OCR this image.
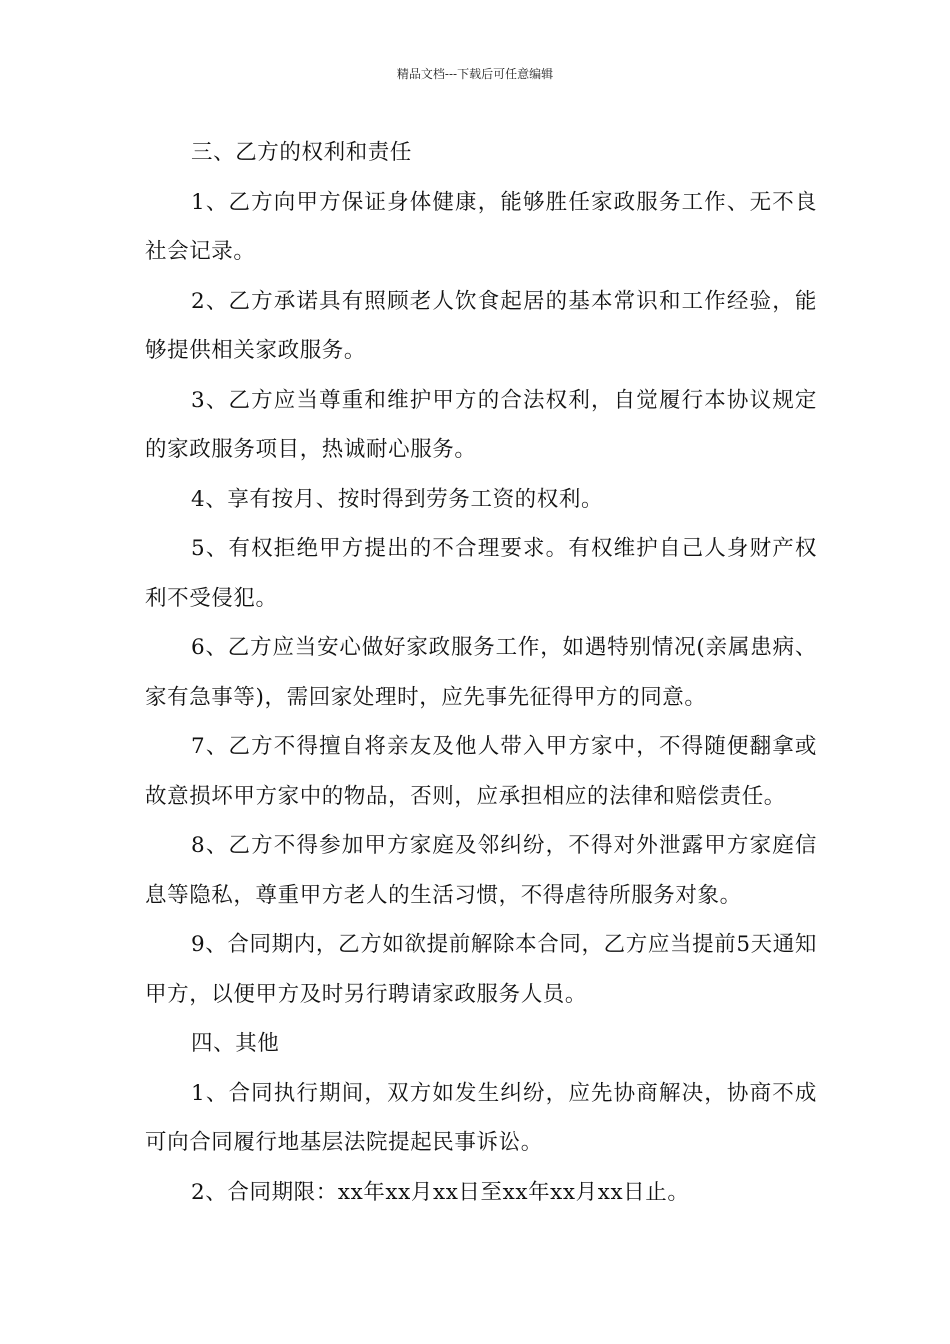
精品文档---下载后可任意编辑

三、乙方的权利和责任

1、乙方向甲方保证身体健康，能够胜任家政服务工作、无不良社会记录。

2、乙方承诺具有照顾老人饮食起居的基本常识和工作经验，能够提供相关家政服务。

3、乙方应当尊重和维护甲方的合法权利，自觉履行本协议规定的家政服务项目，热诚耐心服务。

4、享有按月、按时得到劳务工资的权利。

5、有权拒绝甲方提出的不合理要求。有权维护自己人身财产权利不受侵犯。

6、乙方应当安心做好家政服务工作，如遇特别情况(亲属患病、家有急事等)，需回家处理时，应先事先征得甲方的同意。

7、乙方不得擅自将亲友及他人带入甲方家中，不得随便翻拿或故意损坏甲方家中的物品，否则，应承担相应的法律和赔偿责任。

8、乙方不得参加甲方家庭及邻纠纷，不得对外泄露甲方家庭信息等隐私，尊重甲方老人的生活习惯，不得虐待所服务对象。

9、合同期内，乙方如欲提前解除本合同，乙方应当提前5天通知甲方，以便甲方及时另行聘请家政服务人员。

四、其他

1、合同执行期间，双方如发生纠纷，应先协商解决，协商不成可向合同履行地基层法院提起民事诉讼。

2、合同期限：xx年xx月xx日至xx年xx月xx日止。
